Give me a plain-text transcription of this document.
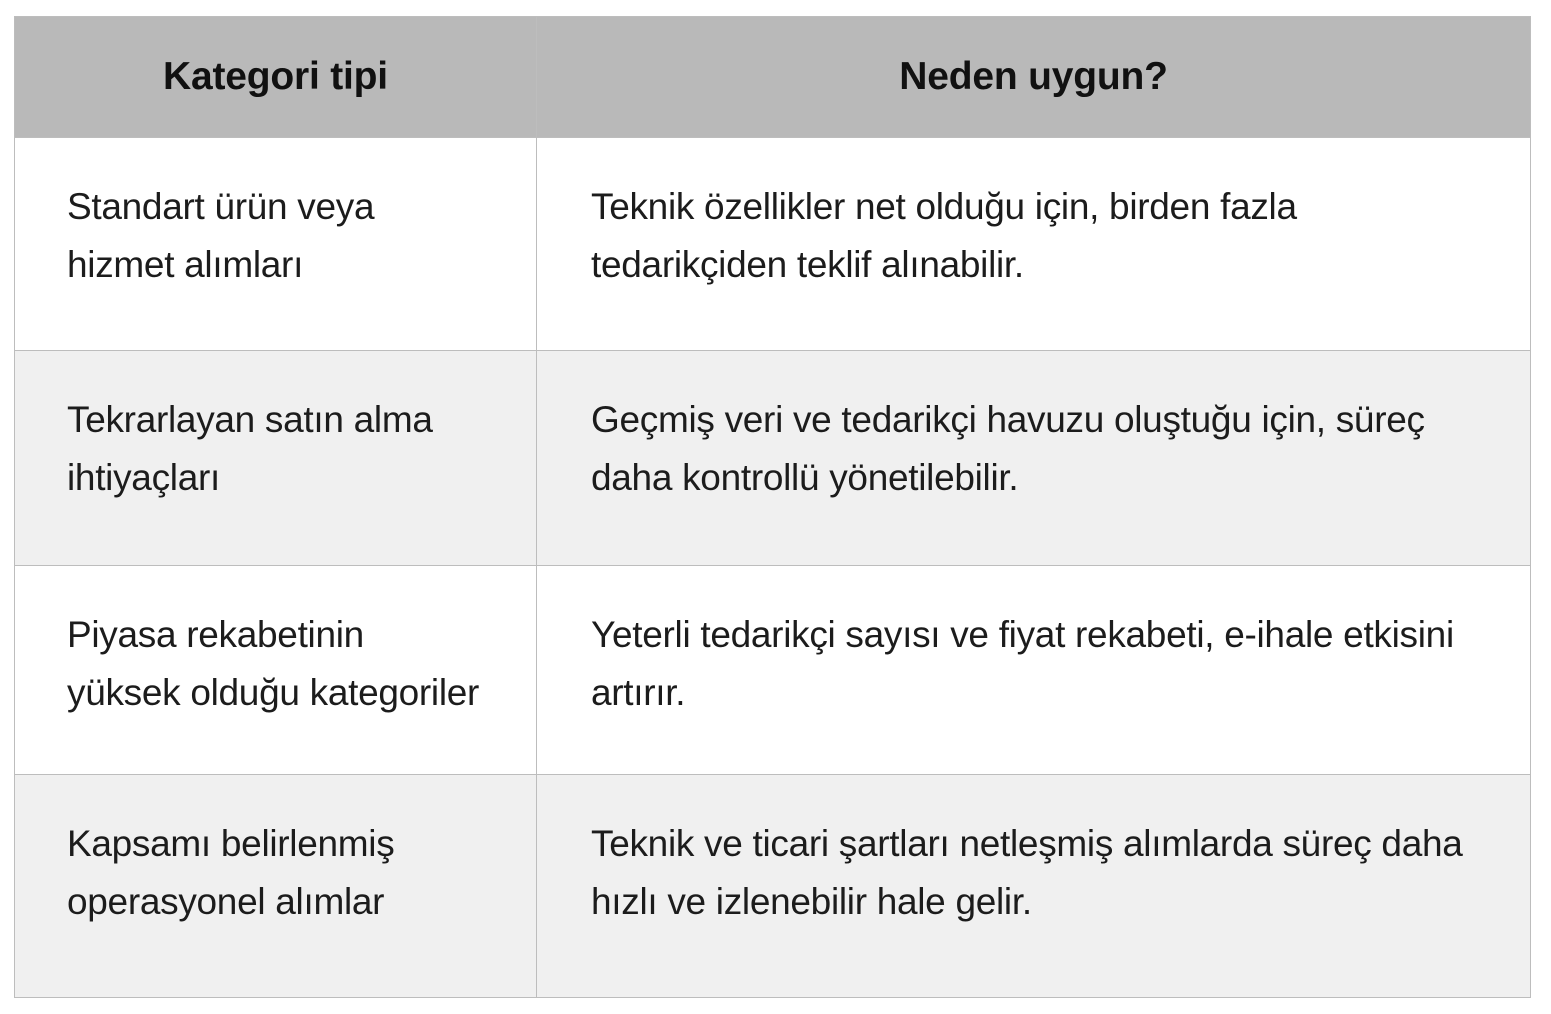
Kategori tipi	Neden uygun?

Standart ürün veya
hizmet alımları	Teknik özellikler net olduğu için, birden fazla
tedarikçiden teklif alınabilir.

Tekrarlayan satın alma
ihtiyaçları	Geçmiş veri ve tedarikçi havuzu oluştuğu için, süreç
daha kontrollü yönetilebilir.

Piyasa rekabetinin
yüksek olduğu kategoriler	Yeterli tedarikçi sayısı ve fiyat rekabeti, e-ihale etkisini
artırır.

Kapsamı belirlenmiş
operasyonel alımlar	Teknik ve ticari şartları netleşmiş alımlarda süreç daha
hızlı ve izlenebilir hale gelir.
